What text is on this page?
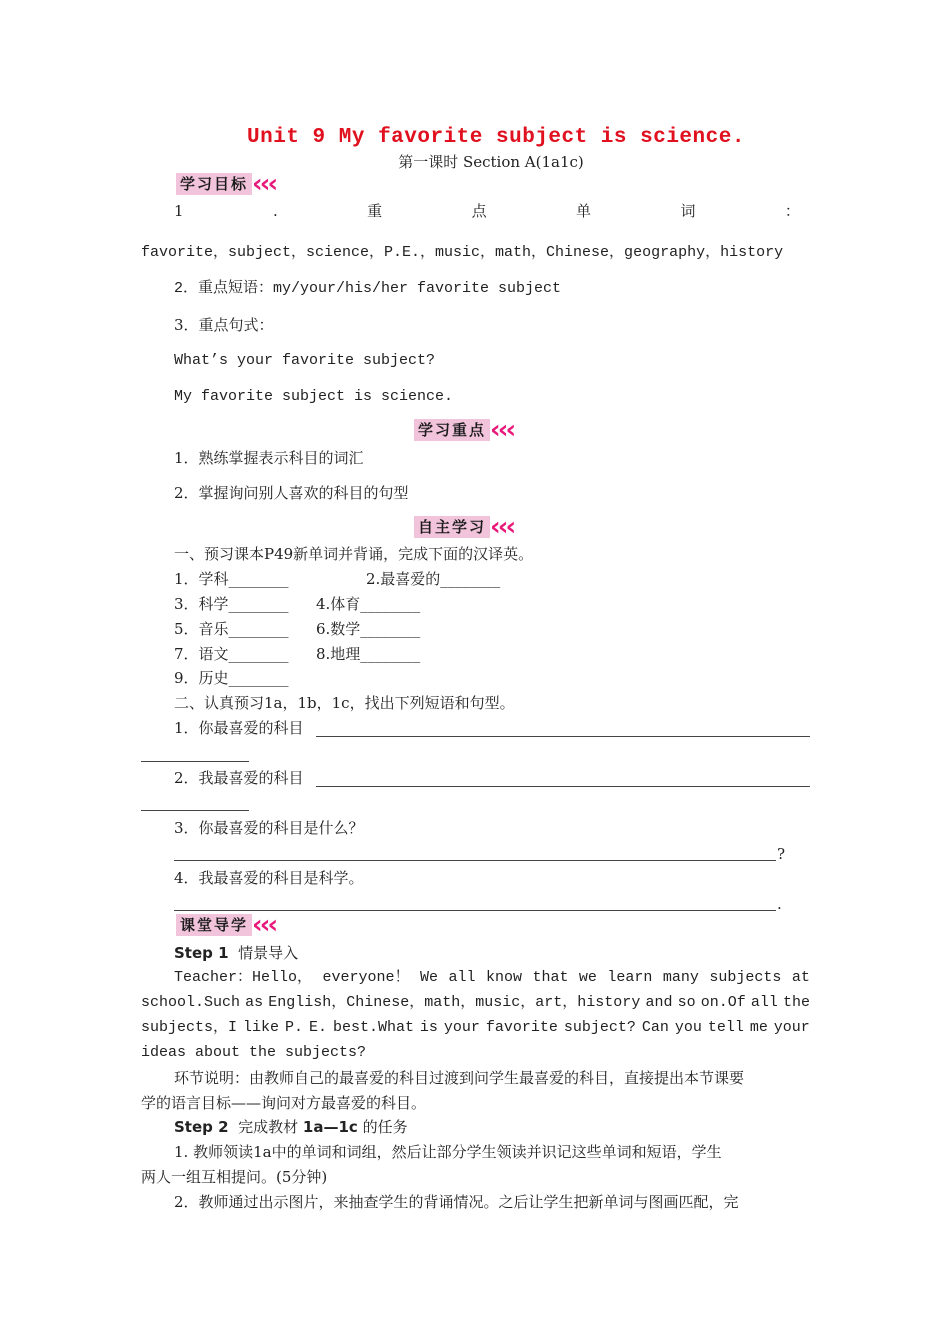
Unit 9 My favorite subject is science.
第一课时 Section A(1a1c)
学习目标 ‹‹‹
1	.	重	点	单	词	：
favorite，subject，science，P.E.，music，math，Chinese，geography，history
2．重点短语：my/your/his/her favorite subject
3．重点句式：
What’s your favorite subject?
My favorite subject is science.
学习重点 ‹‹‹
1．熟练掌握表示科目的词汇
2．掌握询问别人喜欢的科目的句型
自主学习 ‹‹‹
一、预习课本P49新单词并背诵，完成下面的汉译英。
1．学科________	2.最喜爱的________
3．科学________ 4.体育________
5．音乐________ 6.数学________
7．语文________ 8.地理________
9．历史________
二、认真预习1a，1b，1c，找出下列短语和句型。
1．你最喜爱的科目
2．我最喜爱的科目
3．你最喜爱的科目是什么？
?
4．我最喜爱的科目是科学。
.
课堂导学 ‹‹‹
Step 1 情景导入
Teacher：Hello， everyone！ We all know that we learn many subjects at
school.Such as English，Chinese，math，music，art，history and so on.Of all the
subjects，I like P. E. best.What is your favorite subject? Can you tell me your
ideas about the subjects?
环节说明：由教师自己的最喜爱的科目过渡到问学生最喜爱的科目，直接提出本节课要
学的语言目标——询问对方最喜爱的科目。
Step 2 完成教材 1a—1c 的任务
1. 教师领读1a中的单词和词组，然后让部分学生领读并识记这些单词和短语，学生
两人一组互相提问。(5分钟)
2．教师通过出示图片，来抽查学生的背诵情况。之后让学生把新单词与图画匹配，完
